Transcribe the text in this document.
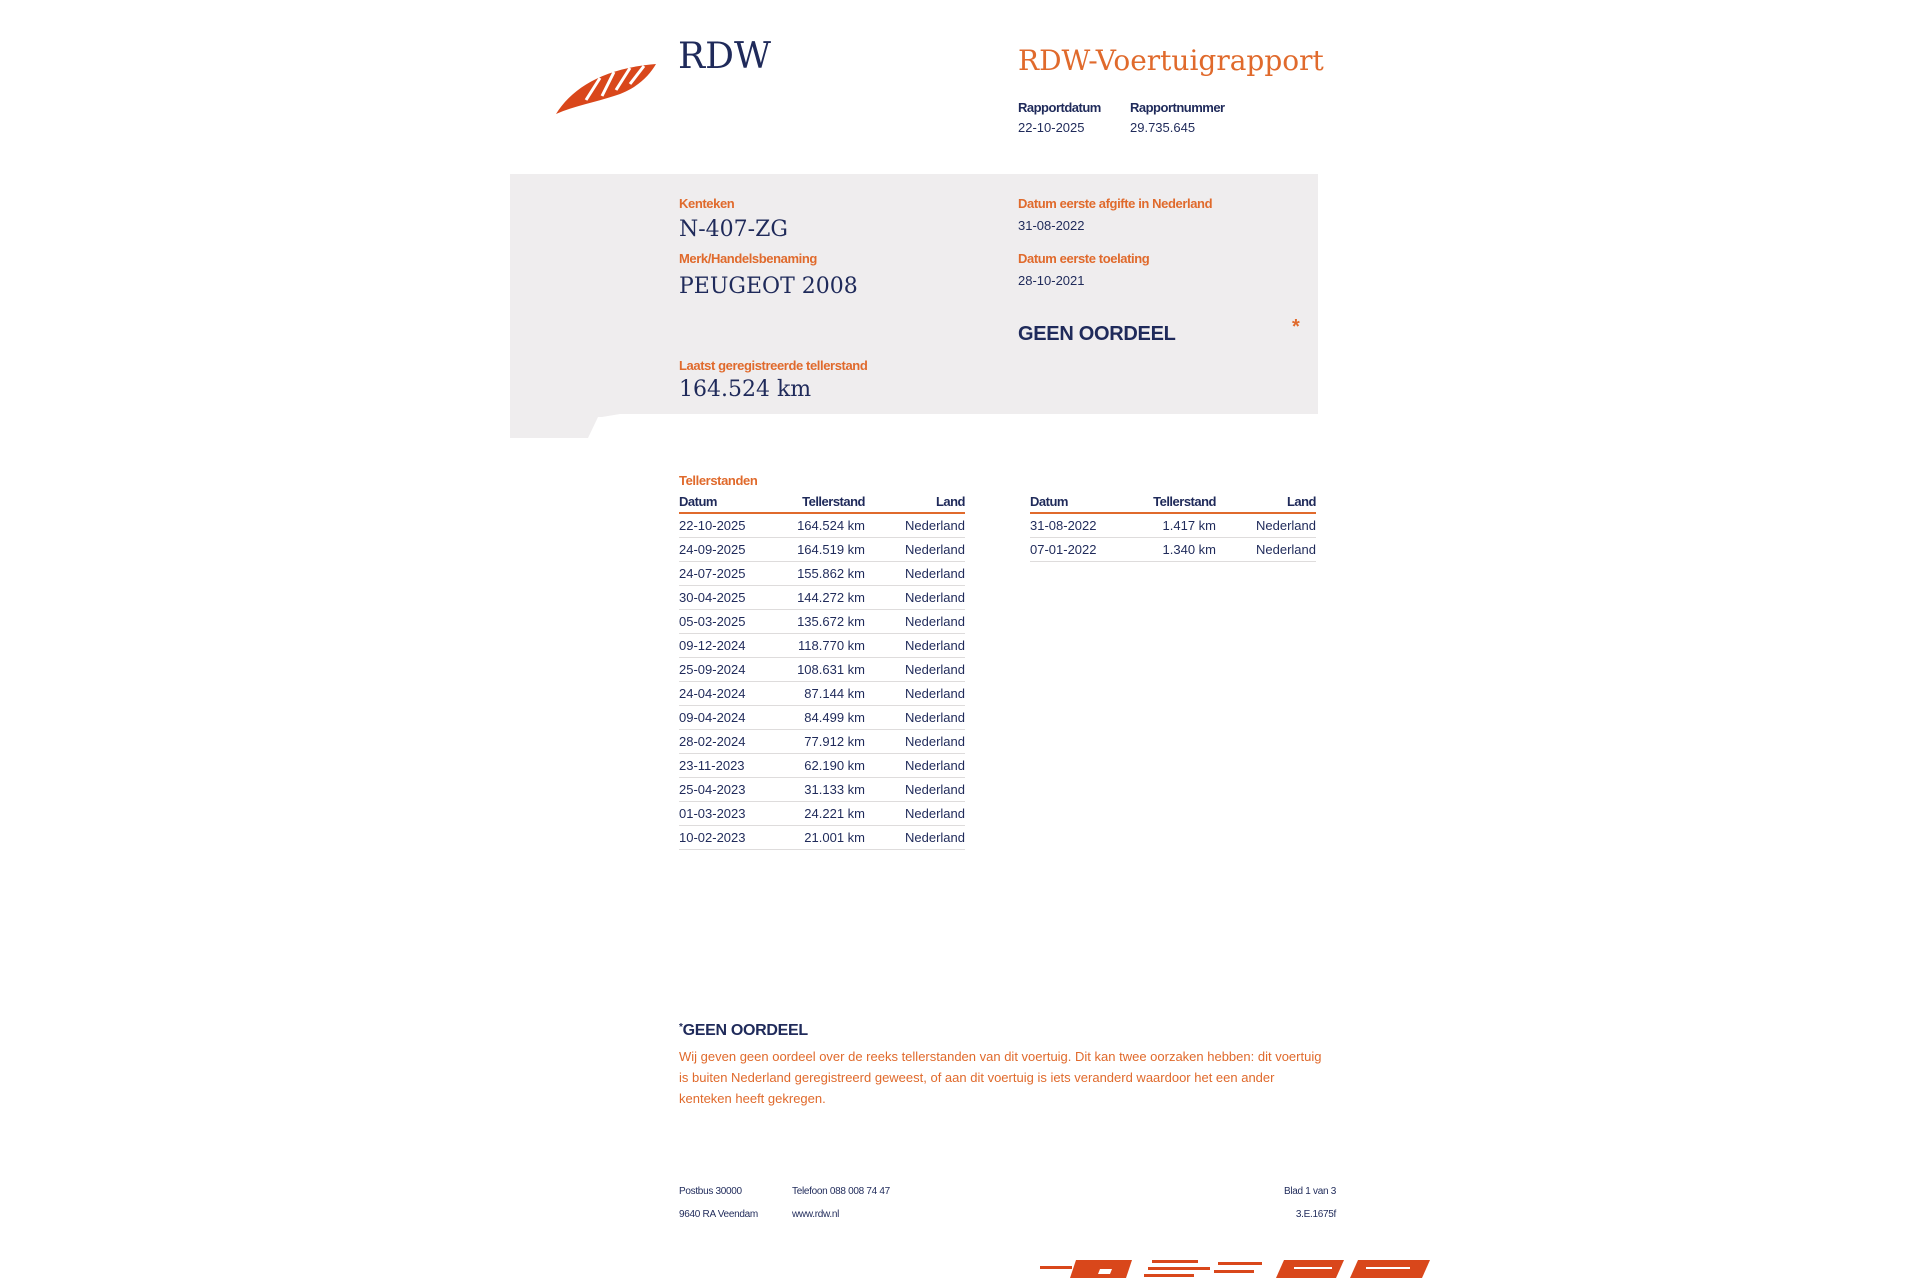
RDW	RDW-Voertuigrapport
Rapportdatum
22-10-2025
Rapportnummer
29.735.645
Kenteken
N-407-ZG
Merk/Handelsbenaming
PEUGEOT 2008
Laatst geregistreerde tellerstand
164.524 km
Datum eerste afgifte in Nederland
31-08-2022
Datum eerste toelating
28-10-2021
GEEN OORDEEL	*
Tellerstanden
Datum	Tellerstand	Land
22-10-2025	164.524 km	Nederland
24-09-2025	164.519 km	Nederland
24-07-2025	155.862 km	Nederland
30-04-2025	144.272 km	Nederland
05-03-2025	135.672 km	Nederland
09-12-2024	118.770 km	Nederland
25-09-2024	108.631 km	Nederland
24-04-2024	87.144 km	Nederland
09-04-2024	84.499 km	Nederland
28-02-2024	77.912 km	Nederland
23-11-2023	62.190 km	Nederland
25-04-2023	31.133 km	Nederland
01-03-2023	24.221 km	Nederland
10-02-2023	21.001 km	Nederland
Datum	Tellerstand	Land
31-08-2022	1.417 km	Nederland
07-01-2022	1.340 km	Nederland
*GEEN OORDEEL
Wij geven geen oordeel over de reeks tellerstanden van dit voertuig. Dit kan twee oorzaken hebben: dit voertuig is buiten Nederland geregistreerd geweest, of aan dit voertuig is iets veranderd waardoor het een ander kenteken heeft gekregen.
Postbus 30000
9640 RA Veendam
Telefoon 088 008 74 47
www.rdw.nl
Blad 1 van 3
3.E.1675f
